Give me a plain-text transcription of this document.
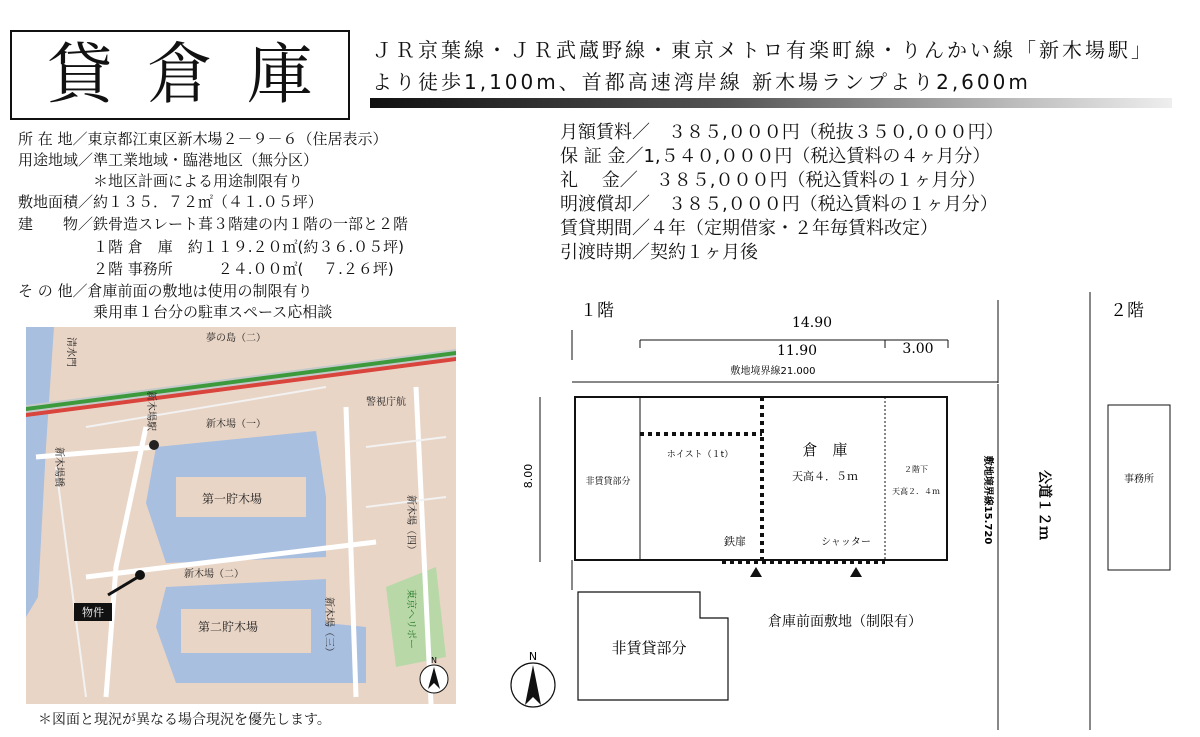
貸倉庫 ＪＲ京葉線・ＪＲ武蔵野線・東京メトロ有楽町線・りんかい線「新木場駅」
より徒歩1,100m、首都高速湾岸線 新木場ランプより2,600m
所 在 地／東京都江東区新木場２－９－６（住居表示）
用途地域／準工業地域・臨港地区（無分区）
　　　　　＊地区計画による用途制限有り
敷地面積／約１３５．７２㎡（４１.０５坪）
建　　物／鉄骨造スレート葺３階建の内１階の一部と２階
　　　　　１階 倉　庫　約１１９.２０㎡(約３６.０５坪)
　　　　　２階 事務所　　　２４.００㎡(　 ７.２６坪)
そ の 他／倉庫前面の敷地は使用の制限有り
　　　　　乗用車１台分の駐車スペース応相談
月額賃料／　３８５,０００円（税抜３５０,０００円）
保 証 金／1,５４０,０００円（税込賃料の４ヶ月分）
礼　 金／　３８５,０００円（税込賃料の１ヶ月分）
明渡償却／　３８５,０００円（税込賃料の１ヶ月分）
賃貸期間／４年（定期借家・２年毎賃料改定）
引渡時期／契約１ヶ月後
夢の島（二）
警視庁航
新木場（一）
新木場（二）
第一貯木場
第二貯木場
新木場駅
新木場（四）
新木場（三）	東京ヘリポー
新木場橋
清水門
物件
N
＊図面と現況が異なる場合現況を優先します。
１階	２階
14.90
11.90	3.00
敷地境界線21.000
8.00	非賃貸部分
ホイスト（１t）	倉　庫
天高４．５ｍ
２階下
天高２．４ｍ
鉄扉	シャッター	敷地境界線15.720	公道１２ｍ	事務所
倉庫前面敷地（制限有）
非賃貸部分
N
